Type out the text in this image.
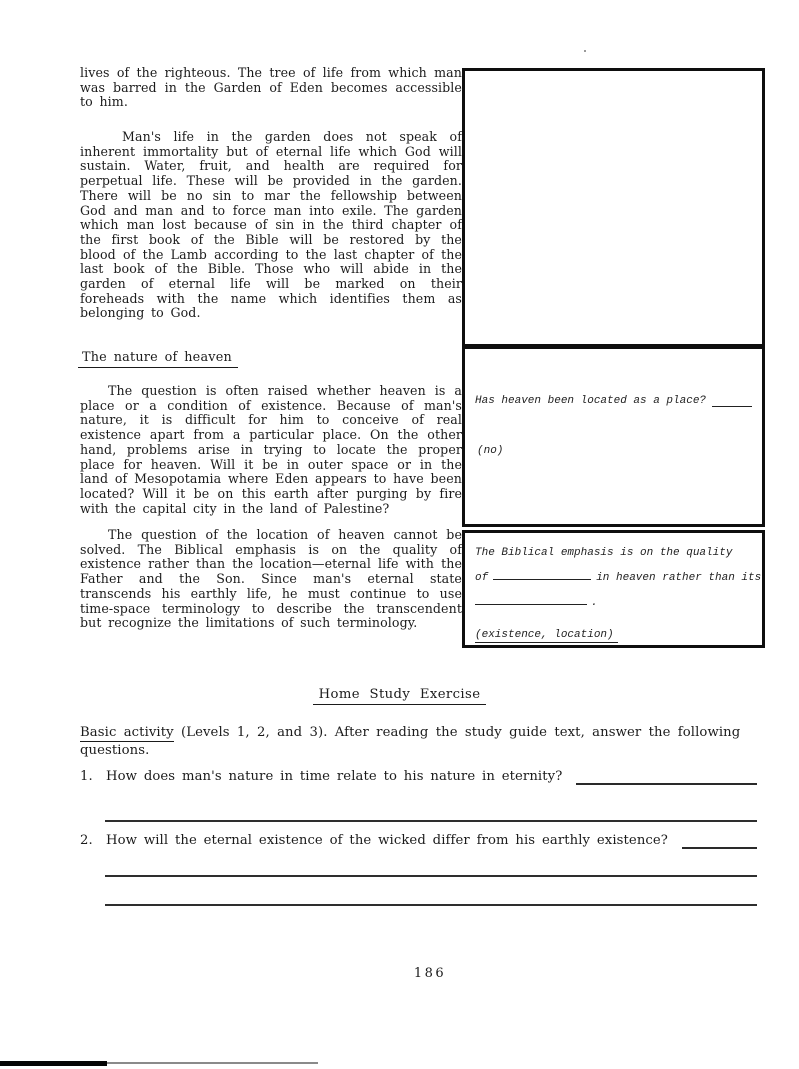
lives of the righteous. The tree of life from which man was barred in the Garden of Eden becomes accessible to him.

Man's life in the garden does not speak of inherent immortality but of eternal life which God will sustain. Water, fruit, and health are required for perpetual life. These will be provided in the garden. There will be no sin to mar the fellowship between God and man and to force man into exile. The garden which man lost because of sin in the third chapter of the first book of the Bible will be restored by the blood of the Lamb according to the last chapter of the last book of the Bible. Those who will abide in the garden of eternal life will be marked on their foreheads with the name which identifies them as belonging to God.

The nature of heaven

The question is often raised whether heaven is a place or a condition of existence. Because of man's nature, it is difficult for him to conceive of real existence apart from a particular place. On the other hand, problems arise in trying to locate the proper place for heaven. Will it be in outer space or in the land of Mesopotamia where Eden appears to have been located? Will it be on this earth after purging by fire with the capital city in the land of Palestine?

The question of the location of heaven cannot be solved. The Biblical emphasis is on the quality of existence rather than the location—eternal life with the Father and the Son. Since man's eternal state transcends his earthly life, he must continue to use time-space terminology to describe the transcendent but recognize the limitations of such terminology.

Has heaven been located as a place?
(no)
The Biblical emphasis is on the quality
of	in heaven rather than its
.
(existence, location)
Home Study Exercise
Basic activity (Levels 1, 2, and 3). After reading the study guide text, answer the following
questions.
1.	How does man's nature in time relate to his nature in eternity?
2.	How will the eternal existence of the wicked differ from his earthly existence?
186
